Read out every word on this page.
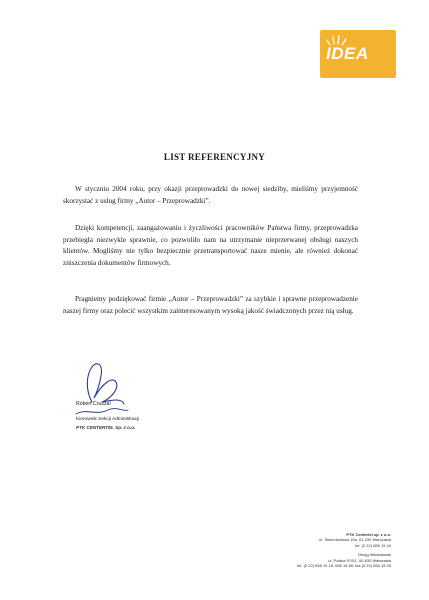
IDEA
LIST REFERENCYJNY

W styczniu 2004 roku, przy okazji przeprowadzki do nowej siedziby, mieliśmy przyjemność skorzystać z usług firmy „Autor – Przeprowadzki”.

Dzięki kompetencji, zaangażowaniu i życzliwości pracowników Państwa firmy, przeprowadzka przebiegła niezwykle sprawnie, co pozwoliło nam na utrzymanie nieprzerwanej obsługi naszych klientów. Mogliśmy nie tylko bezpiecznie przetransportować nasze mienie, ale również dokonać zniszczenia dokumentów firmowych.

Pragniemy podziękować firmie „Autor – Przeprowadzki” za szybkie i sprawne przeprowadzenie naszej firmy oraz polecić wszystkim zainteresowanym wysoką jakość świadczonych przez nią usług.

Robert Cruszal
Kierownik Sekcji Administracji
PTK CENTERTEL Sp. z o.o.
PTK Centertel sp. z o.o.
ul. Skierniewicka 10a, 01-230 Warszawa
tel. (0 22) 656 15 44
Okręg Warszawski
ul. Polska 57/61, 00-830 Warszawa
tel. (0 22) 656 15 16, 656 15 88, fax (0 22) 656 15 26
